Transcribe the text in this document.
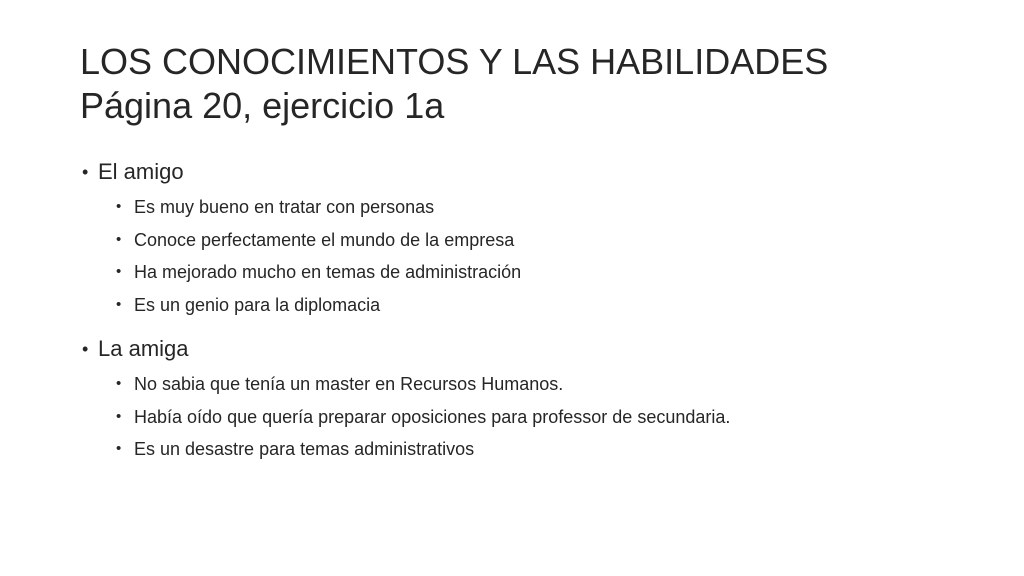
LOS CONOCIMIENTOS Y LAS HABILIDADES
Página 20, ejercicio 1a
• El amigo
• Es muy bueno en tratar con personas
• Conoce perfectamente el mundo de la empresa
• Ha mejorado mucho en temas de administración
• Es un genio para la diplomacia
• La amiga
• No sabia que tenía un master en Recursos Humanos.
• Había oído que quería preparar oposiciones para professor de secundaria.
• Es un desastre para temas administrativos
